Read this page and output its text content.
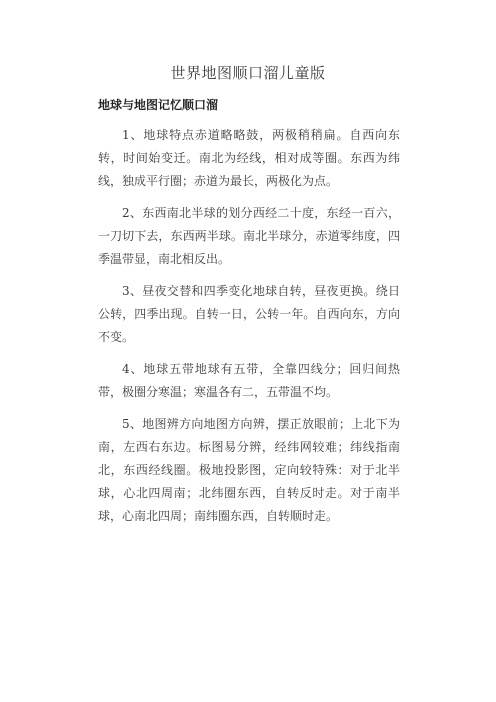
世界地图顺口溜儿童版
地球与地图记忆顺口溜

1、地球特点赤道略略鼓，两极稍稍扁。自西向东转，时间始变迁。南北为经线，相对成等圈。东西为纬线，独成平行圈；赤道为最长，两极化为点。

2、东西南北半球的划分西经二十度，东经一百六，一刀切下去，东西两半球。南北半球分，赤道零纬度，四季温带显，南北相反出。

3、昼夜交替和四季变化地球自转，昼夜更换。绕日公转，四季出现。自转一日，公转一年。自西向东，方向不变。

4、地球五带地球有五带，全靠四线分；回归间热带，极圈分寒温；寒温各有二，五带温不均。

5、地图辨方向地图方向辨，摆正放眼前；上北下为南，左西右东边。标图易分辨，经纬网较难；纬线指南北，东西经线圈。极地投影图，定向较特殊：对于北半球，心北四周南；北纬圈东西，自转反时走。对于南半球，心南北四周；南纬圈东西，自转顺时走。
